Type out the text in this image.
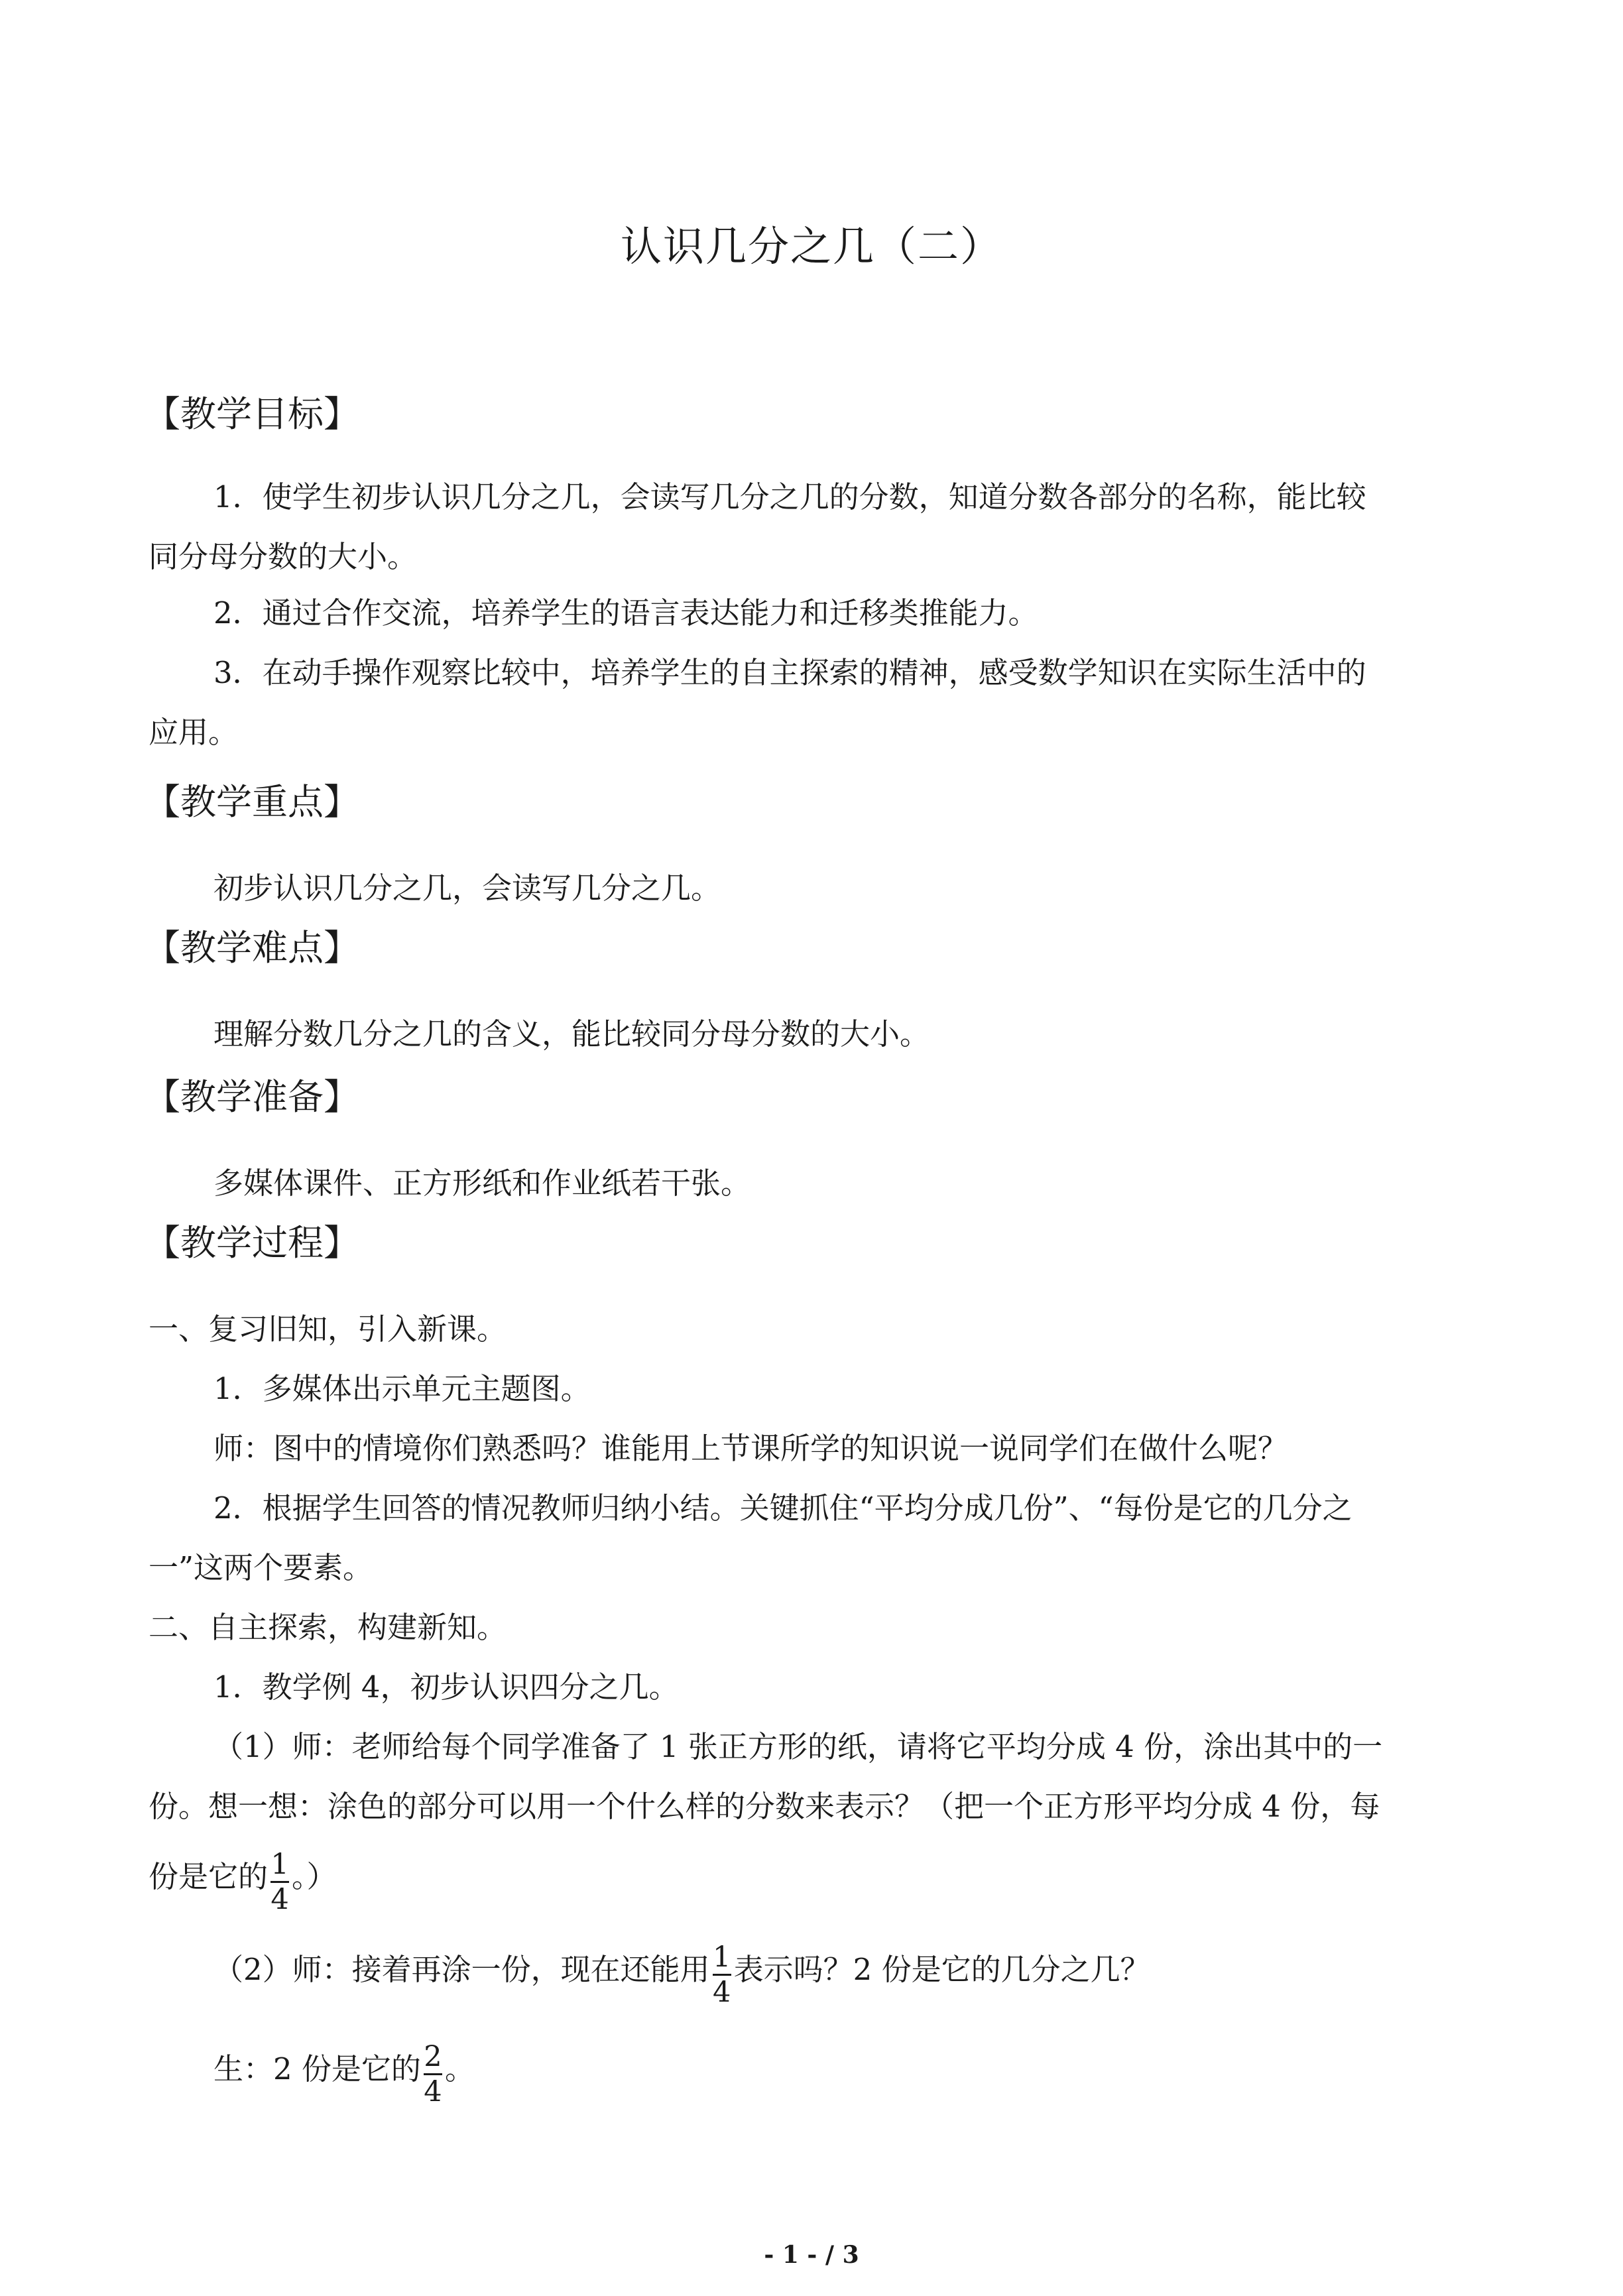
认识几分之几（二）
【教学目标】
1．使学生初步认识几分之几，会读写几分之几的分数，知道分数各部分的名称，能比较
同分母分数的大小。
2．通过合作交流，培养学生的语言表达能力和迁移类推能力。
3．在动手操作观察比较中，培养学生的自主探索的精神，感受数学知识在实际生活中的
应用。
【教学重点】
初步认识几分之几，会读写几分之几。
【教学难点】
理解分数几分之几的含义，能比较同分母分数的大小。
【教学准备】
多媒体课件、正方形纸和作业纸若干张。
【教学过程】
一、复习旧知，引入新课。
1．多媒体出示单元主题图。
师：图中的情境你们熟悉吗？谁能用上节课所学的知识说一说同学们在做什么呢？
2．根据学生回答的情况教师归纳小结。关键抓住“平均分成几份”、“每份是它的几分之
一”这两个要素。
二、自主探索，构建新知。
1．教学例 4，初步认识四分之几。
（1）师：老师给每个同学准备了 1 张正方形的纸，请将它平均分成 4 份，涂出其中的一
份。想一想：涂色的部分可以用一个什么样的分数来表示？（把一个正方形平均分成 4 份，每
份是它的 $\frac{1}{4}$ 。）
（2）师：接着再涂一份，现在还能用 $\frac{1}{4}$ 表示吗？2 份是它的几分之几？
生：2 份是它的 $\frac{2}{4}$ 。
- 1 - / 3
